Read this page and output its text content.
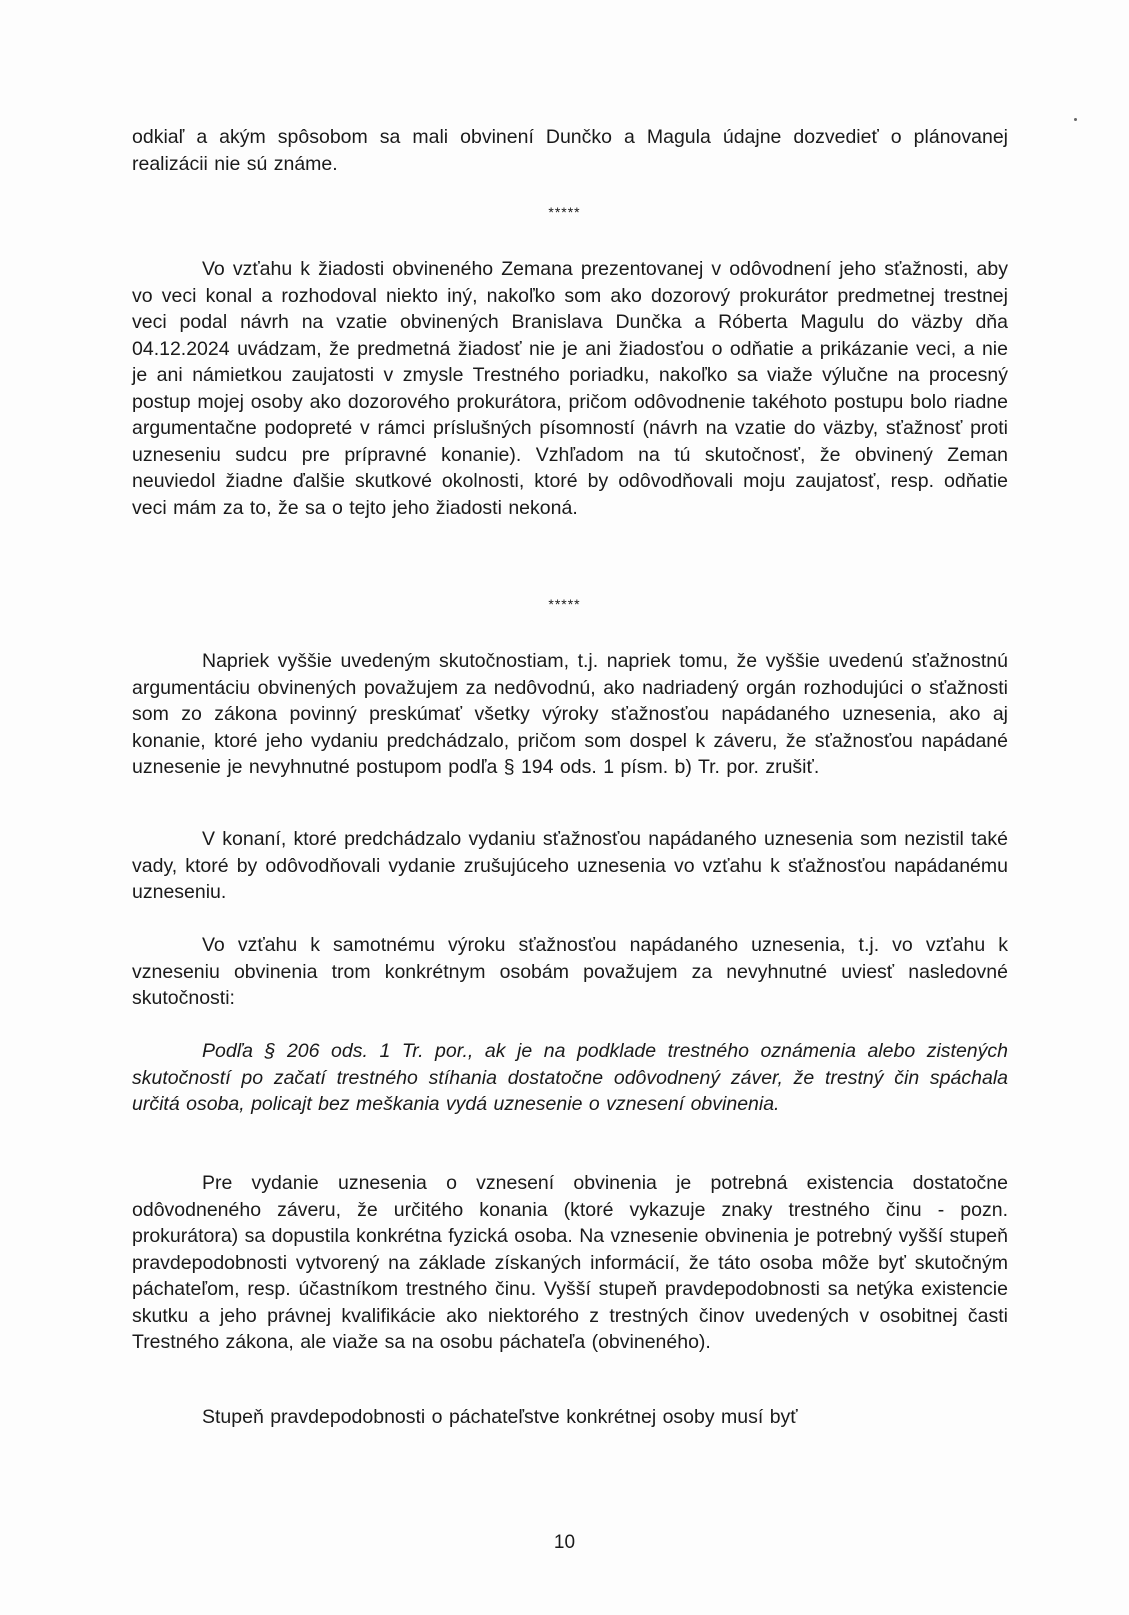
odkiaľ a akým spôsobom sa mali obvinení Dunčko a Magula údajne dozvedieť o plánovanej realizácii nie sú známe.
*****
Vo vzťahu k žiadosti obvineného Zemana prezentovanej v odôvodnení jeho sťažnosti, aby vo veci konal a rozhodoval niekto iný, nakoľko som ako dozorový prokurátor predmetnej trestnej veci podal návrh na vzatie obvinených Branislava Dunčka a Róberta Magulu do väzby dňa 04.12.2024 uvádzam, že predmetná žiadosť nie je ani žiadosťou o odňatie a prikázanie veci, a nie je ani námietkou zaujatosti v zmysle Trestného poriadku, nakoľko sa viaže výlučne na procesný postup mojej osoby ako dozorového prokurátora, pričom odôvodnenie takéhoto postupu bolo riadne argumentačne podopreté v rámci príslušných písomností (návrh na vzatie do väzby, sťažnosť proti uzneseniu sudcu pre prípravné konanie). Vzhľadom na tú skutočnosť, že obvinený Zeman neuviedol žiadne ďalšie skutkové okolnosti, ktoré by odôvodňovali moju zaujatosť, resp. odňatie veci mám za to, že sa o tejto jeho žiadosti nekoná.
*****
Napriek vyššie uvedeným skutočnostiam, t.j. napriek tomu, že vyššie uvedenú sťažnostnú argumentáciu obvinených považujem za nedôvodnú, ako nadriadený orgán rozhodujúci o sťažnosti som zo zákona povinný preskúmať všetky výroky sťažnosťou napádaného uznesenia, ako aj konanie, ktoré jeho vydaniu predchádzalo, pričom som dospel k záveru, že sťažnosťou napádané uznesenie je nevyhnutné postupom podľa § 194 ods. 1 písm. b) Tr. por. zrušiť.
V konaní, ktoré predchádzalo vydaniu sťažnosťou napádaného uznesenia som nezistil také vady, ktoré by odôvodňovali vydanie zrušujúceho uznesenia vo vzťahu k sťažnosťou napádanému uzneseniu.
Vo vzťahu k samotnému výroku sťažnosťou napádaného uznesenia, t.j. vo vzťahu k vzneseniu obvinenia trom konkrétnym osobám považujem za nevyhnutné uviesť nasledovné skutočnosti:
Podľa § 206 ods. 1 Tr. por., ak je na podklade trestného oznámenia alebo zistených skutočností po začatí trestného stíhania dostatočne odôvodnený záver, že trestný čin spáchala určitá osoba, policajt bez meškania vydá uznesenie o vznesení obvinenia.
Pre vydanie uznesenia o vznesení obvinenia je potrebná existencia dostatočne odôvodneného záveru, že určitého konania (ktoré vykazuje znaky trestného činu - pozn. prokurátora) sa dopustila konkrétna fyzická osoba. Na vznesenie obvinenia je potrebný vyšší stupeň pravdepodobnosti vytvorený na základe získaných informácií, že táto osoba môže byť skutočným páchateľom, resp. účastníkom trestného činu. Vyšší stupeň pravdepodobnosti sa netýka existencie skutku a jeho právnej kvalifikácie ako niektorého z trestných činov uvedených v osobitnej časti Trestného zákona, ale viaže sa na osobu páchateľa (obvineného).
Stupeň pravdepodobnosti o páchateľstve konkrétnej osoby musí byť
10
